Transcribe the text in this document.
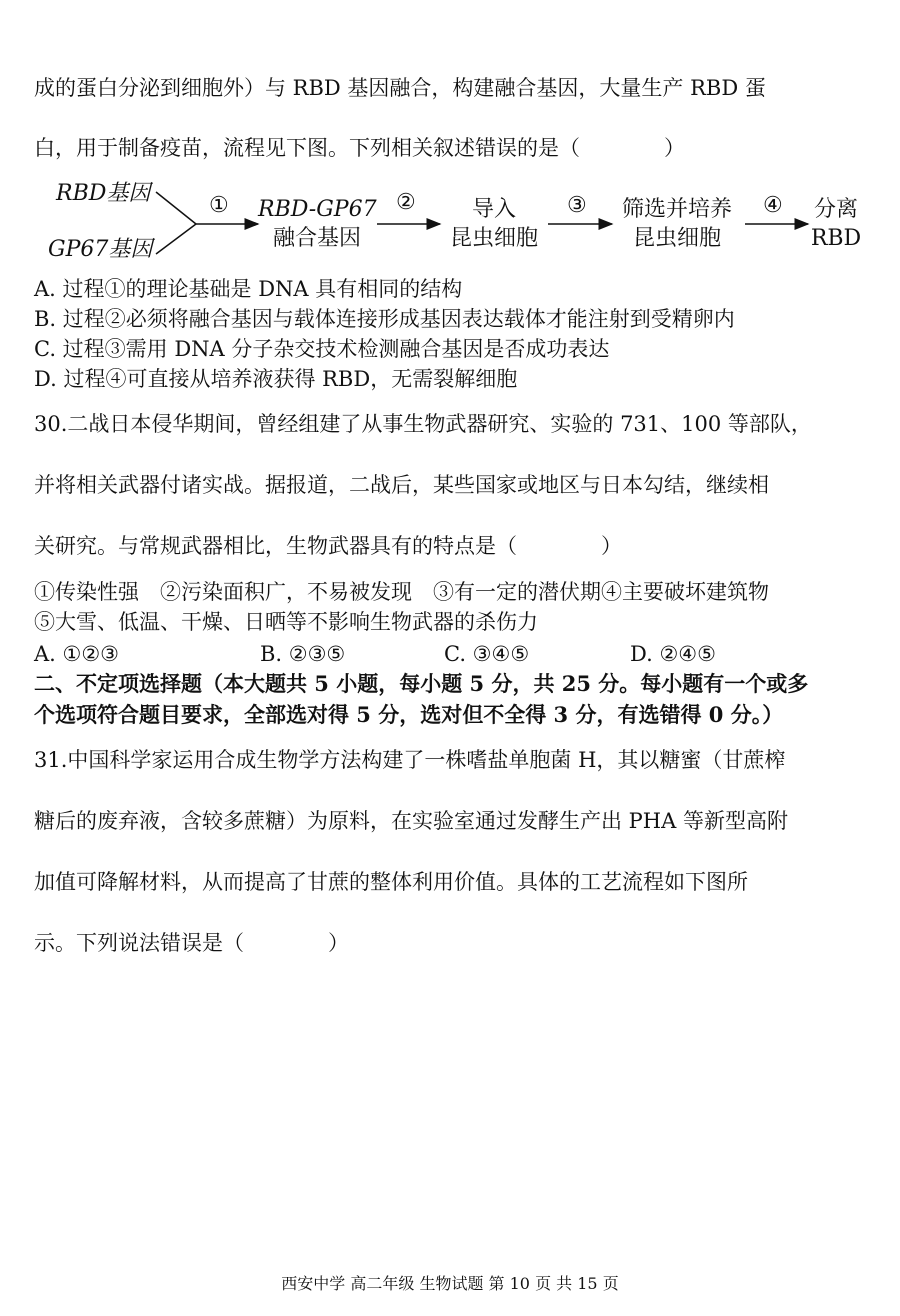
成的蛋白分泌到细胞外）与 RBD 基因融合，构建融合基因，大量生产 RBD 蛋
白，用于制备疫苗，流程见下图。下列相关叙述错误的是（　　　　）
RBD基因
GP67基因
① RBD-GP67
融合基因
②	导入
昆虫细胞
③	筛选并培养
昆虫细胞
④	分离
RBD
A. 过程①的理论基础是 DNA 具有相同的结构
B. 过程②必须将融合基因与载体连接形成基因表达载体才能注射到受精卵内
C. 过程③需用 DNA 分子杂交技术检测融合基因是否成功表达
D. 过程④可直接从培养液获得 RBD，无需裂解细胞
30.二战日本侵华期间，曾经组建了从事生物武器研究、实验的 731、100 等部队，
并将相关武器付诸实战。据报道，二战后，某些国家或地区与日本勾结，继续相
关研究。与常规武器相比，生物武器具有的特点是（　　　　）
①传染性强　②污染面积广，不易被发现　③有一定的潜伏期④主要破坏建筑物
⑤大雪、低温、干燥、日晒等不影响生物武器的杀伤力
A. ①②③	B. ②③⑤	C. ③④⑤	D. ②④⑤
二、不定项选择题（本大题共 5 小题，每小题 5 分，共 25 分。每小题有一个或多
个选项符合题目要求，全部选对得 5 分，选对但不全得 3 分，有选错得 0 分。）
31.中国科学家运用合成生物学方法构建了一株嗜盐单胞菌 H，其以糖蜜（甘蔗榨
糖后的废弃液，含较多蔗糖）为原料，在实验室通过发酵生产出 PHA 等新型高附
加值可降解材料，从而提高了甘蔗的整体利用价值。具体的工艺流程如下图所
示。下列说法错误是（　　　　）
西安中学 高二年级 生物试题 第 10 页 共 15 页
